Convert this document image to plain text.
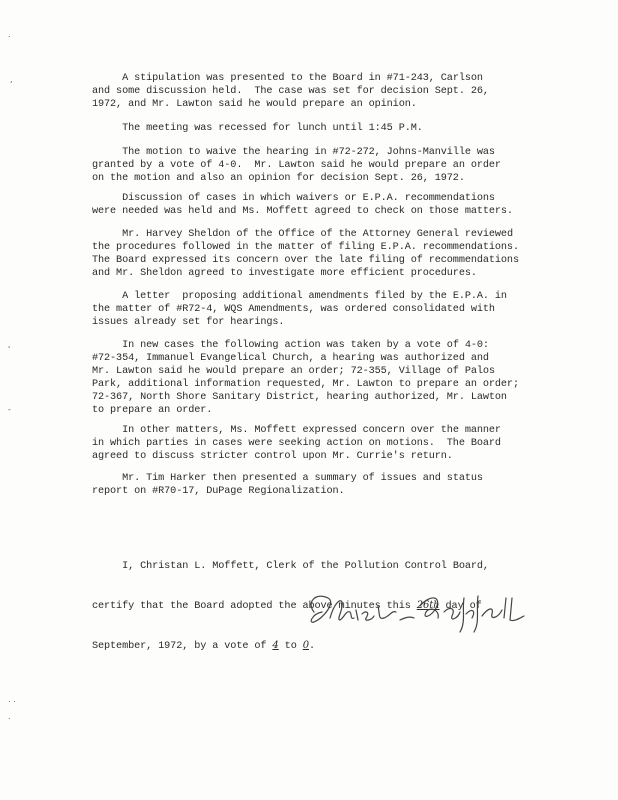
.
,
'
-
. .
.

A stipulation was presented to the Board in #71-243, Carlson
and some discussion held.  The case was set for decision Sept. 26,
1972, and Mr. Lawton said he would prepare an opinion.

The meeting was recessed for lunch until 1:45 P.M.

The motion to waive the hearing in #72-272, Johns-Manville was
granted by a vote of 4-0.  Mr. Lawton said he would prepare an order
on the motion and also an opinion for decision Sept. 26, 1972.

Discussion of cases in which waivers or E.P.A. recommendations
were needed was held and Ms. Moffett agreed to check on those matters.

Mr. Harvey Sheldon of the Office of the Attorney General reviewed
the procedures followed in the matter of filing E.P.A. recommendations.
The Board expressed its concern over the late filing of recommendations
and Mr. Sheldon agreed to investigate more efficient procedures.

A letter  proposing additional amendments filed by the E.P.A. in
the matter of #R72-4, WQS Amendments, was ordered consolidated with
issues already set for hearings.

In new cases the following action was taken by a vote of 4-0:
#72-354, Immanuel Evangelical Church, a hearing was authorized and
Mr. Lawton said he would prepare an order; 72-355, Village of Palos
Park, additional information requested, Mr. Lawton to prepare an order;
72-367, North Shore Sanitary District, hearing authorized, Mr. Lawton
to prepare an order.

In other matters, Ms. Moffett expressed concern over the manner
in which parties in cases were seeking action on motions.  The Board
agreed to discuss stricter control upon Mr. Currie's return.

Mr. Tim Harker then presented a summary of issues and status
report on #R70-17, DuPage Regionalization.

I, Christan L. Moffett, Clerk of the Pollution Control Board,

certify that the Board adopted the above minutes this 26th day of

September, 1972, by a vote of 4 to 0.
